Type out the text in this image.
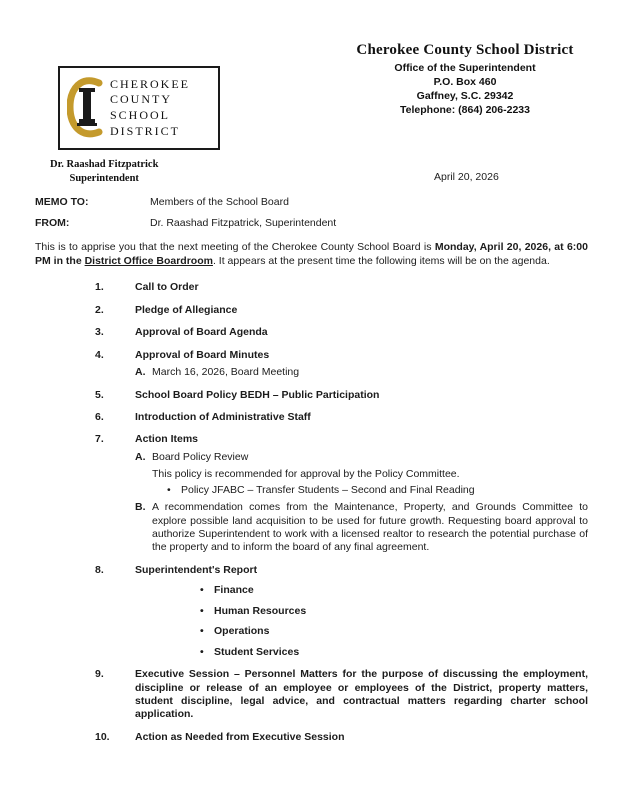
Cherokee County School District
Office of the Superintendent
P.O. Box 460
Gaffney, S.C. 29342
Telephone: (864) 206-2233
CHEROKEE
COUNTY
SCHOOL
DISTRICT
Dr. Raashad Fitzpatrick
Superintendent	April 20, 2026
MEMO TO:	Members of the School Board
FROM:	Dr. Raashad Fitzpatrick, Superintendent

This is to apprise you that the next meeting of the Cherokee County School Board is Monday, April 20, 2026, at 6:00 PM in the District Office Boardroom. It appears at the present time the following items will be on the agenda.

1.	Call to Order
2.	Pledge of Allegiance
3.	Approval of Board Agenda
4.	Approval of Board Minutes
A. March 16, 2026, Board Meeting
5.	School Board Policy BEDH – Public Participation
6.	Introduction of Administrative Staff
7.	Action Items
A. Board Policy Review
This policy is recommended for approval by the Policy Committee.
• Policy JFABC – Transfer Students – Second and Final Reading
B. A recommendation comes from the Maintenance, Property, and Grounds Committee to explore possible land acquisition to be used for future growth. Requesting board approval to authorize Superintendent to work with a licensed realtor to research the potential purchase of the property and to inform the board of any final agreement.
8.	Superintendent's Report
• Finance
• Human Resources
• Operations
• Student Services
9.	Executive Session – Personnel Matters for the purpose of discussing the employment, discipline or release of an employee or employees of the District, property matters, student discipline, legal advice, and contractual matters regarding charter school application.
10.	Action as Needed from Executive Session
